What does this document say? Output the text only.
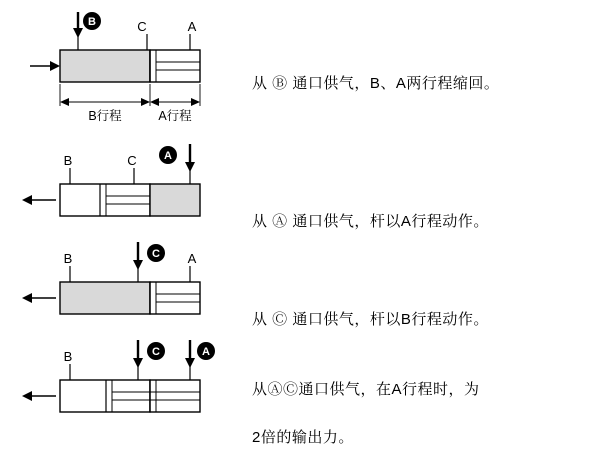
B	C	A
B行程	A行程

从 Ⓑ 通口供气，B、A两行程缩回。

A
B	C

从 Ⓐ 通口供气，杆以A行程动作。

C
B	A

从 Ⓒ 通口供气，杆以B行程动作。

C	A
B

从ⒶⒸ通口供气，在A行程时，为

2倍的输出力。
